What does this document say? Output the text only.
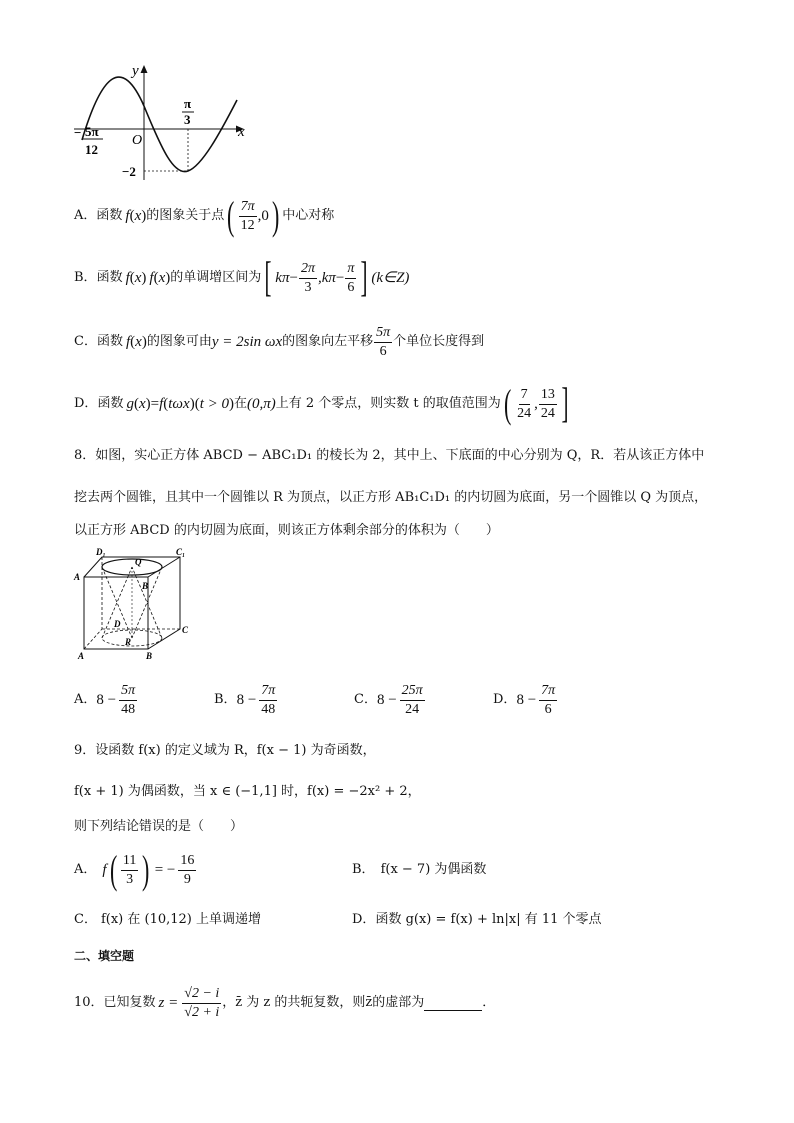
y
x
O
π
3
− 5π
12
−2
A． 函数 f ( x ) 的图象关于点 ( $\frac{7\pi}{12} ,0$ ) 中心对称
B． 函数 f ( x ) f ( x ) 的单调增区间为 [ $k\pi - \frac{2\pi}{3} ,k\pi - \frac{\pi}{6}$ ] (k∈Z)
C． 函数 f ( x ) 的图象可由 y = 2sin ωx 的图象向左平移 $\frac{5\pi}{6}$ 个单位长度得到
D． 函数 g ( x ) = f ( tωx ) ( t > 0 ) 在 (0,π) 上有 2 个零点，则实数 t 的取值范围为 ( $\frac{7}{24}$ , $\frac{13}{24}$ ]
8．如图，实心正方体 ABCD − ABC₁D₁ 的棱长为 2，其中上、下底面的中心分别为 Q，R．若从该正方体中
挖去两个圆锥，且其中一个圆锥以 R 为顶点，以正方形 AB₁C₁D₁ 的内切圆为底面，另一个圆锥以 Q 为顶点，
以正方形 ABCD 的内切圆为底面，则该正方体剩余部分的体积为（　　）
D₁	C₁
A
B
Q
D
C
R
A	B
A． $8 - \frac{5\pi}{48}$	B． $8 - \frac{7\pi}{48}$	C． $8 - \frac{25\pi}{24}$	D． $8 - \frac{7\pi}{6}$
9．设函数 f(x) 的定义域为 R，f(x − 1) 为奇函数，
f(x + 1) 为偶函数，当 x ∈ (−1,1] 时，f(x) = −2x² + 2，
则下列结论错误的是（　　）
A． f ( $\frac{11}{3}$ ) = − $\frac{16}{9}$	B． f(x − 7) 为偶函数
C． f(x) 在 (10,12) 上单调递增	D．函数 g(x) = f(x) + ln|x| 有 11 个零点
二、填空题
10．已知复数 $z = \frac{√2 - i}{√2 + i}$ ，z̄ 为 z 的共轭复数，则z̄的虚部为	．
